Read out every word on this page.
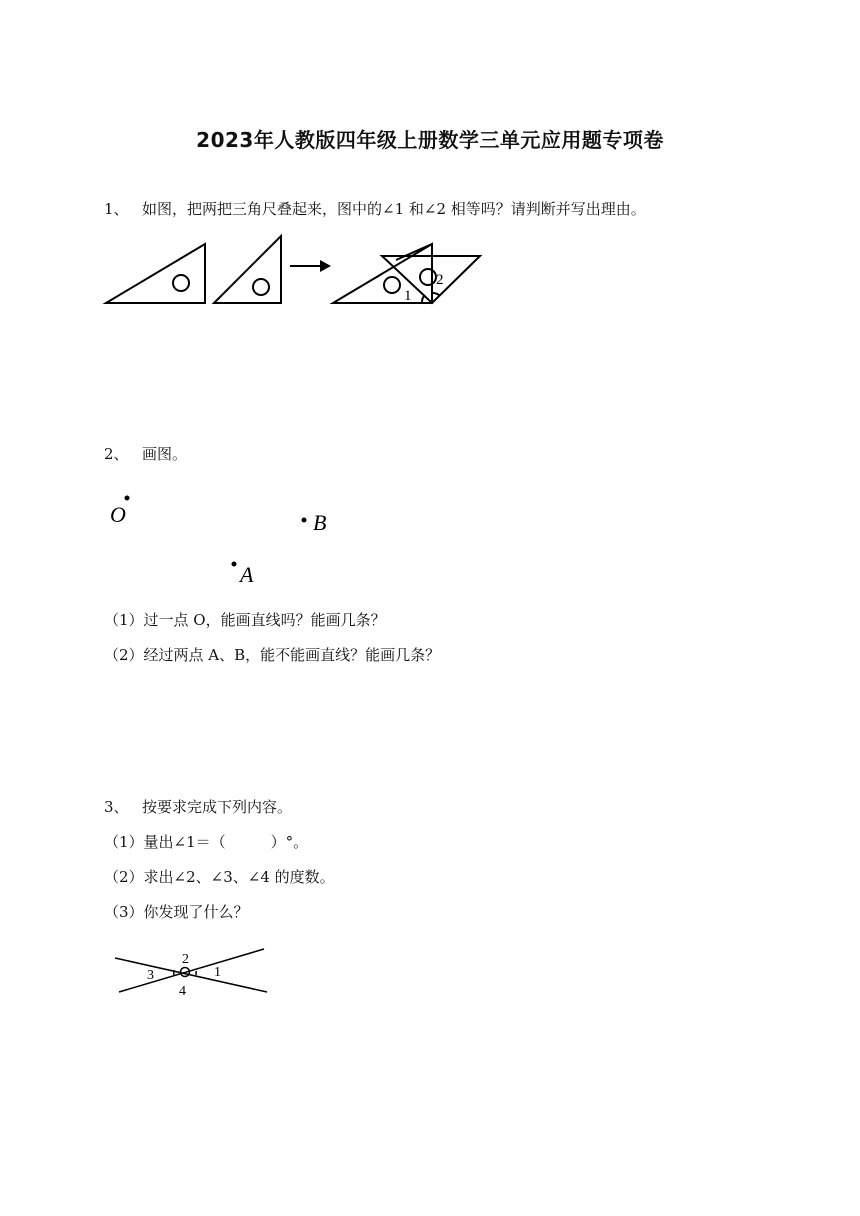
2023年人教版四年级上册数学三单元应用题专项卷
1、 如图，把两把三角尺叠起来，图中的∠1 和∠2 相等吗？请判断并写出理由。
1
2
2、 画图。
O	B
A
（1）过一点 O，能画直线吗？能画几条？
（2）经过两点 A、B，能不能画直线？能画几条？
3、 按要求完成下列内容。
（1）量出∠1＝（　　　）°。
（2）求出∠2、∠3、∠4 的度数。
（3）你发现了什么？
1
2
3
4
